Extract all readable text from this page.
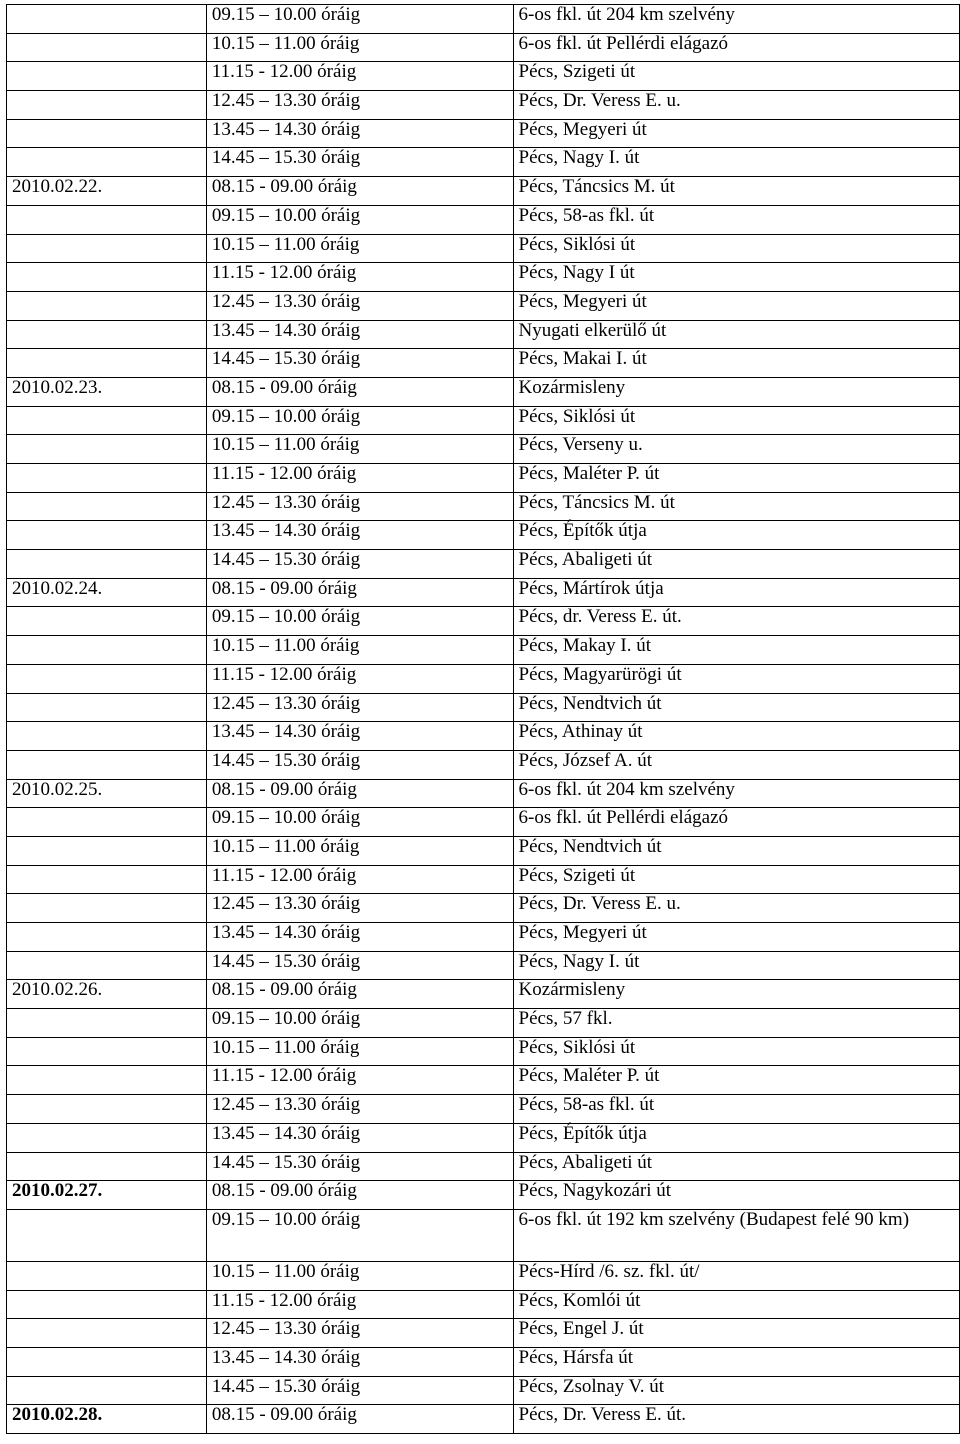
	09.15 – 10.00 óráig	6-os fkl. út 204 km szelvény
	10.15 – 11.00 óráig	6-os fkl. út Pellérdi elágazó
	11.15 - 12.00 óráig	Pécs, Szigeti út
	12.45 – 13.30 óráig	Pécs, Dr. Veress E. u.
	13.45 – 14.30 óráig	Pécs, Megyeri út
	14.45 – 15.30 óráig	Pécs, Nagy I. út
2010.02.22.	08.15 - 09.00 óráig	Pécs, Táncsics M. út
	09.15 – 10.00 óráig	Pécs, 58-as fkl. út
	10.15 – 11.00 óráig	Pécs, Siklósi út
	11.15 - 12.00 óráig	Pécs, Nagy I út
	12.45 – 13.30 óráig	Pécs, Megyeri út
	13.45 – 14.30 óráig	Nyugati elkerülő út
	14.45 – 15.30 óráig	Pécs, Makai I. út
2010.02.23.	08.15 - 09.00 óráig	Kozármisleny
	09.15 – 10.00 óráig	Pécs, Siklósi út
	10.15 – 11.00 óráig	Pécs, Verseny u.
	11.15 - 12.00 óráig	Pécs, Maléter P. út
	12.45 – 13.30 óráig	Pécs, Táncsics M. út
	13.45 – 14.30 óráig	Pécs, Építők útja
	14.45 – 15.30 óráig	Pécs, Abaligeti út
2010.02.24.	08.15 - 09.00 óráig	Pécs, Mártírok útja
	09.15 – 10.00 óráig	Pécs, dr. Veress E. út.
	10.15 – 11.00 óráig	Pécs, Makay I. út
	11.15 - 12.00 óráig	Pécs, Magyarürögi út
	12.45 – 13.30 óráig	Pécs, Nendtvich út
	13.45 – 14.30 óráig	Pécs, Athinay út
	14.45 – 15.30 óráig	Pécs, József A. út
2010.02.25.	08.15 - 09.00 óráig	6-os fkl. út 204 km szelvény
	09.15 – 10.00 óráig	6-os fkl. út Pellérdi elágazó
	10.15 – 11.00 óráig	Pécs, Nendtvich út
	11.15 - 12.00 óráig	Pécs, Szigeti út
	12.45 – 13.30 óráig	Pécs, Dr. Veress E. u.
	13.45 – 14.30 óráig	Pécs, Megyeri út
	14.45 – 15.30 óráig	Pécs, Nagy I. út
2010.02.26.	08.15 - 09.00 óráig	Kozármisleny
	09.15 – 10.00 óráig	Pécs, 57 fkl.
	10.15 – 11.00 óráig	Pécs, Siklósi út
	11.15 - 12.00 óráig	Pécs, Maléter P. út
	12.45 – 13.30 óráig	Pécs, 58-as fkl. út
	13.45 – 14.30 óráig	Pécs, Építők útja
	14.45 – 15.30 óráig	Pécs, Abaligeti út
2010.02.27.	08.15 - 09.00 óráig	Pécs, Nagykozári út
	09.15 – 10.00 óráig	6-os fkl. út 192 km szelvény (Budapest felé 90 km)
	10.15 – 11.00 óráig	Pécs-Hírd /6. sz. fkl. út/
	11.15 - 12.00 óráig	Pécs, Komlói út
	12.45 – 13.30 óráig	Pécs, Engel J. út
	13.45 – 14.30 óráig	Pécs, Hársfa út
	14.45 – 15.30 óráig	Pécs, Zsolnay V. út
2010.02.28.	08.15 - 09.00 óráig	Pécs, Dr. Veress E. út.
